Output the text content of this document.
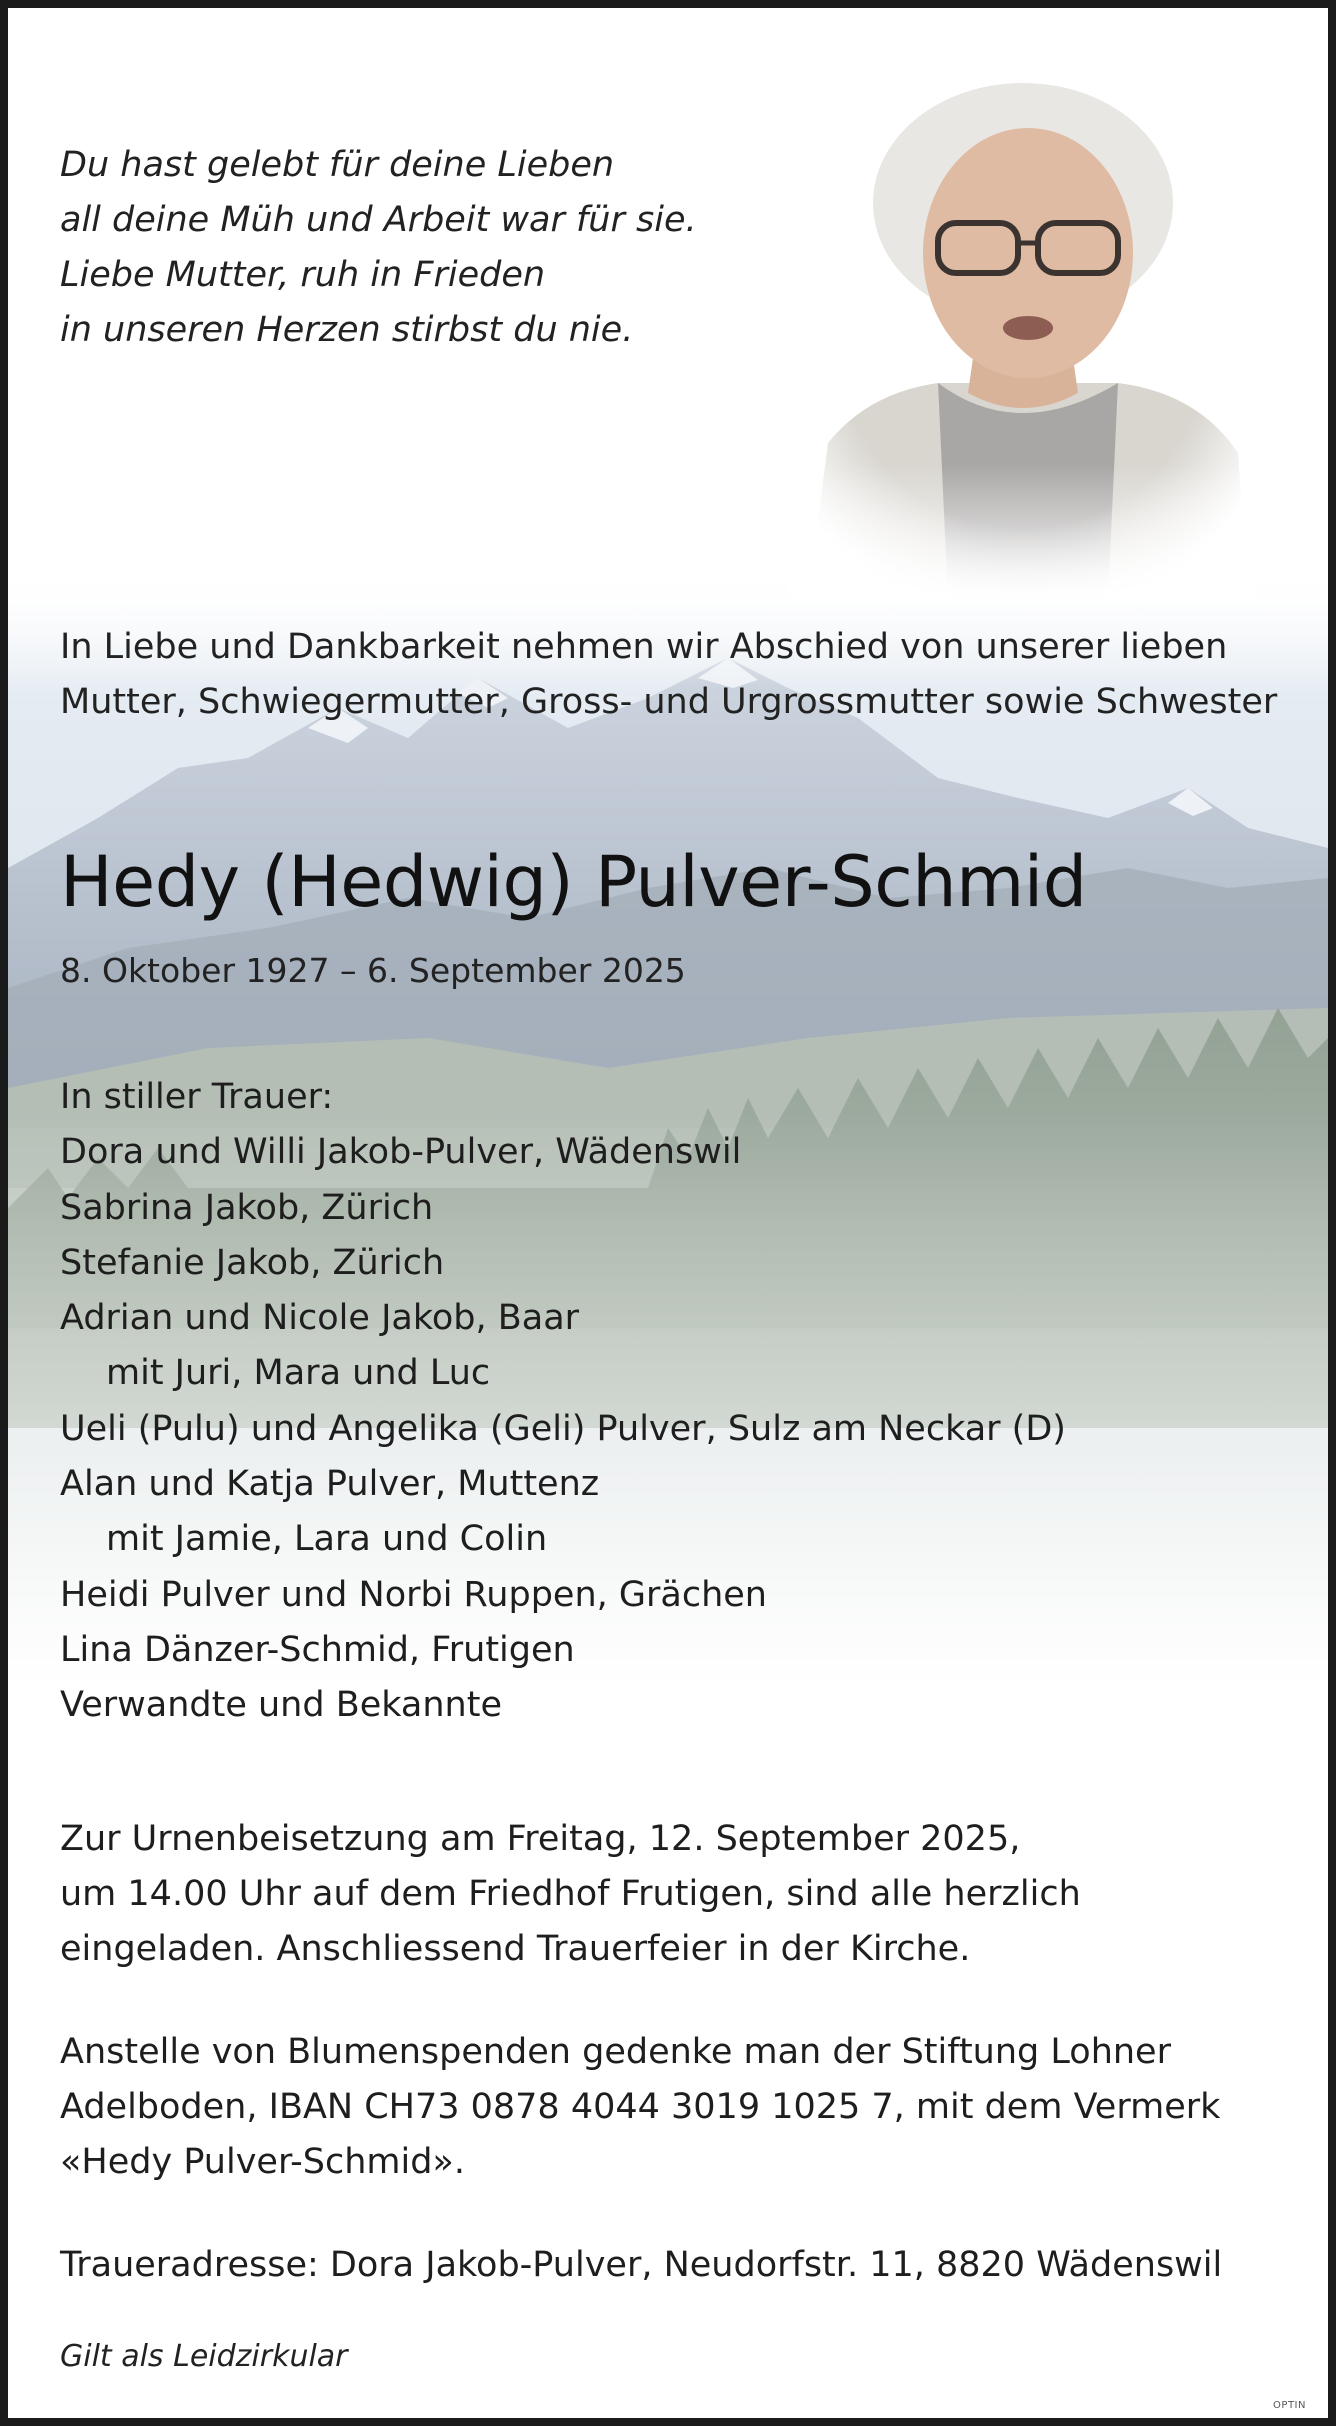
Du hast gelebt für deine Lieben
all deine Müh und Arbeit war für sie.
Liebe Mutter, ruh in Frieden
in unseren Herzen stirbst du nie.
In Liebe und Dankbarkeit nehmen wir Abschied von unserer lieben Mutter, Schwiegermutter, Gross- und Urgrossmutter sowie Schwester
Hedy (Hedwig) Pulver-Schmid
8. Oktober 1927 – 6. September 2025
In stiller Trauer:
Dora und Willi Jakob-Pulver, Wädenswil
Sabrina Jakob, Zürich
Stefanie Jakob, Zürich
Adrian und Nicole Jakob, Baar
mit Juri, Mara und Luc
Ueli (Pulu) und Angelika (Geli) Pulver, Sulz am Neckar (D)
Alan und Katja Pulver, Muttenz
mit Jamie, Lara und Colin
Heidi Pulver und Norbi Ruppen, Grächen
Lina Dänzer-Schmid, Frutigen
Verwandte und Bekannte
Zur Urnenbeisetzung am Freitag, 12. September 2025,
um 14.00 Uhr auf dem Friedhof Frutigen, sind alle herzlich
eingeladen. Anschliessend Trauerfeier in der Kirche.
Anstelle von Blumenspenden gedenke man der Stiftung Lohner
Adelboden, IBAN CH73 0878 4044 3019 1025 7, mit dem Vermerk
«Hedy Pulver-Schmid».
Traueradresse: Dora Jakob-Pulver, Neudorfstr. 11, 8820 Wädenswil
Gilt als Leidzirkular
OPTIN
